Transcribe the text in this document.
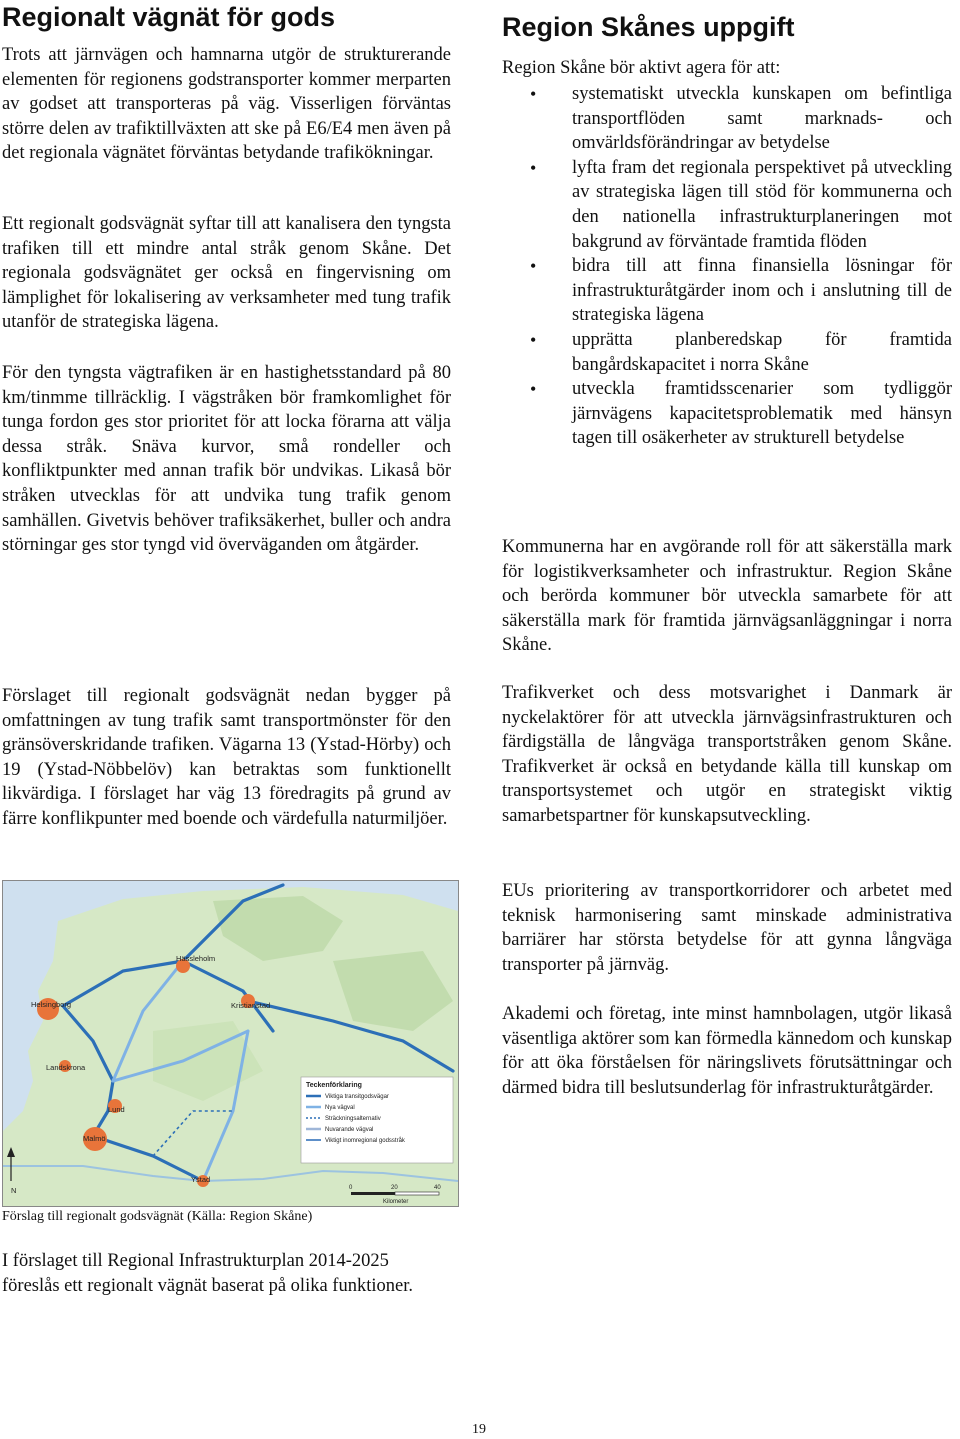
Regionalt vägnät för gods

Trots att järnvägen och hamnarna utgör de strukturerande elementen för regionens godstransporter kommer merparten av godset att transporteras på väg. Visserligen förväntas större delen av trafiktillväxten att ske på E6/E4 men även på det regionala vägnätet förväntas betydande trafikökningar.

Ett regionalt godsvägnät syftar till att kanalisera den tyngsta trafiken till ett mindre antal stråk genom Skåne. Det regionala godsvägnätet ger också en fingervisning om lämplighet för lokalisering av verksamheter med tung trafik utanför de strategiska lägena.

För den tyngsta vägtrafiken är en hastighetsstandard på 80 km/tinmme tillräcklig. I vägstråken bör framkomlighet för tunga fordon ges stor prioritet för att locka förarna att välja dessa stråk. Snäva kurvor, små rondeller och konfliktpunkter med annan trafik bör undvikas. Likaså bör stråken utvecklas för att undvika tung trafik genom samhällen. Givetvis behöver trafiksäkerhet, buller och andra störningar ges stor tyngd vid överväganden om åtgärder.

Förslaget till regionalt godsvägnät nedan bygger på omfattningen av tung trafik samt transportmönster för den gränsöverskridande trafiken. Vägarna 13 (Ystad-Hörby) och 19 (Ystad-Nöbbelöv) kan betraktas som funktionellt likvärdiga. I förslaget har väg 13 föredragits på grund av färre konflikpunter med boende och värdefulla naturmiljöer.

Hässleholm
Helsingborg	Kristianstad
Landskrona
Lund
Malmö
Ystad
N
Teckenförklaring
Viktiga transitgodsvägar
Nya vägval
Sträckningsalternativ
Nuvarande vägval
Viktigt inomregional godsstråk
0	20	40
Kilometer
Förslag till regionalt godsvägnät (Källa: Region Skåne)

I förslaget till Regional Infrastrukturplan 2014-2025 föreslås ett regionalt vägnät baserat på olika funktioner.

Region Skånes uppgift

Region Skåne bör aktivt agera för att:

• systematiskt utveckla kunskapen om befintliga transportflöden samt marknads- och omvärldsförändringar av betydelse
• lyfta fram det regionala perspektivet på utveckling av strategiska lägen till stöd för kommunerna och den nationella infrastrukturplaneringen mot bakgrund av förväntade framtida flöden
• bidra till att finna finansiella lösningar för infrastrukturåtgärder inom och i anslutning till de strategiska lägena
• upprätta planberedskap för framtida bangårdskapacitet i norra Skåne
• utveckla framtidsscenarier som tydliggör järnvägens kapacitetsproblematik med hänsyn tagen till osäkerheter av strukturell betydelse

Kommunerna har en avgörande roll för att säkerställa mark för logistikverksamheter och infrastruktur. Region Skåne och berörda kommuner bör utveckla samarbete för att säkerställa mark för framtida järnvägsanläggningar i norra Skåne.

Trafikverket och dess motsvarighet i Danmark är nyckelaktörer för att utveckla järnvägsinfrastrukturen och färdigställa de långväga transportstråken genom Skåne. Trafikverket är också en betydande källa till kunskap om transportsystemet och utgör en strategiskt viktig samarbetspartner för kunskapsutveckling.

EUs prioritering av transportkorridorer och arbetet med teknisk harmonisering samt minskade administrativa barriärer har största betydelse för att gynna långväga transporter på järnväg.

Akademi och företag, inte minst hamnbolagen, utgör likaså väsentliga aktörer som kan förmedla kännedom och kunskap för att öka förståelsen för näringslivets förutsättningar och därmed bidra till beslutsunderlag för infrastrukturåtgärder.

19
